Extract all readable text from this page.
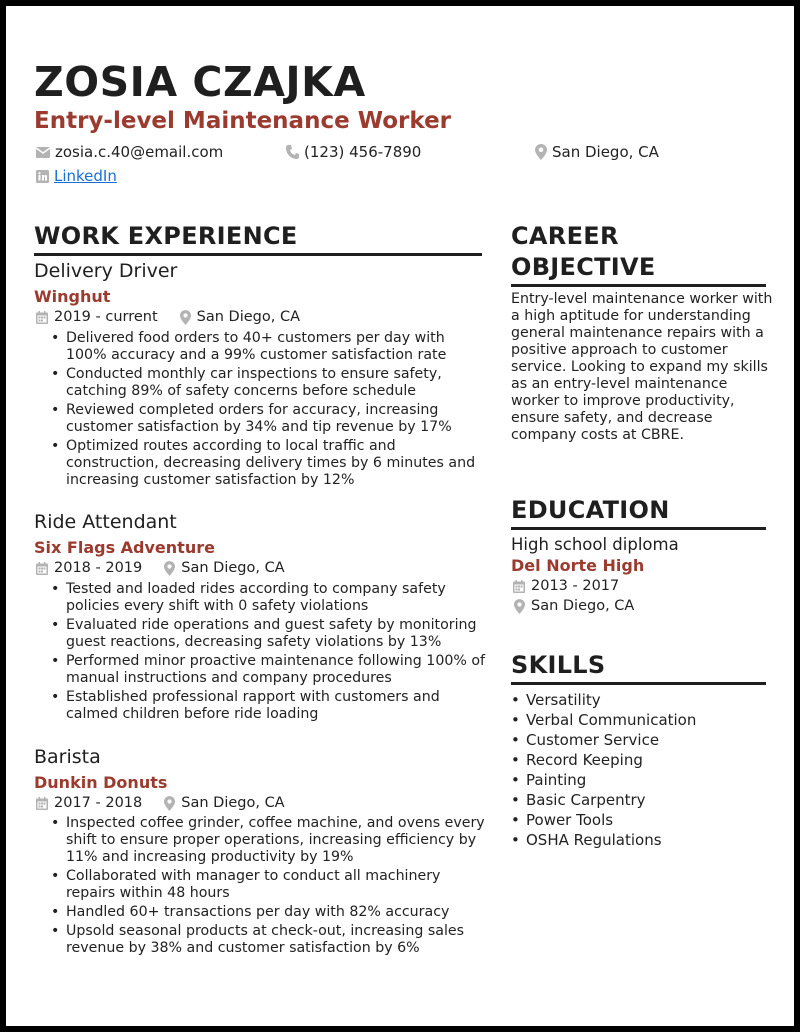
ZOSIA CZAJKA
Entry-level Maintenance Worker
zosia.c.40@email.com	(123) 456-7890	San Diego, CA
LinkedIn
WORK EXPERIENCE
Delivery Driver
Winghut
2019 - current	San Diego, CA
• Delivered food orders to 40+ customers per day with 100% accuracy and a 99% customer satisfaction rate
• Conducted monthly car inspections to ensure safety, catching 89% of safety concerns before schedule
• Reviewed completed orders for accuracy, increasing customer satisfaction by 34% and tip revenue by 17%
• Optimized routes according to local traffic and construction, decreasing delivery times by 6 minutes and increasing customer satisfaction by 12%
Ride Attendant
Six Flags Adventure
2018 - 2019	San Diego, CA
• Tested and loaded rides according to company safety policies every shift with 0 safety violations
• Evaluated ride operations and guest safety by monitoring guest reactions, decreasing safety violations by 13%
• Performed minor proactive maintenance following 100% of manual instructions and company procedures
• Established professional rapport with customers and calmed children before ride loading
Barista
Dunkin Donuts
2017 - 2018	San Diego, CA
• Inspected coffee grinder, coffee machine, and ovens every shift to ensure proper operations, increasing efficiency by 11% and increasing productivity by 19%
• Collaborated with manager to conduct all machinery repairs within 48 hours
• Handled 60+ transactions per day with 82% accuracy
• Upsold seasonal products at check-out, increasing sales revenue by 38% and customer satisfaction by 6%
CAREER
OBJECTIVE
Entry-level maintenance worker with a high aptitude for understanding general maintenance repairs with a positive approach to customer service. Looking to expand my skills as an entry-level maintenance worker to improve productivity, ensure safety, and decrease company costs at CBRE.
EDUCATION
High school diploma
Del Norte High
2013 - 2017
San Diego, CA
SKILLS
• Versatility
• Verbal Communication
• Customer Service
• Record Keeping
• Painting
• Basic Carpentry
• Power Tools
• OSHA Regulations
